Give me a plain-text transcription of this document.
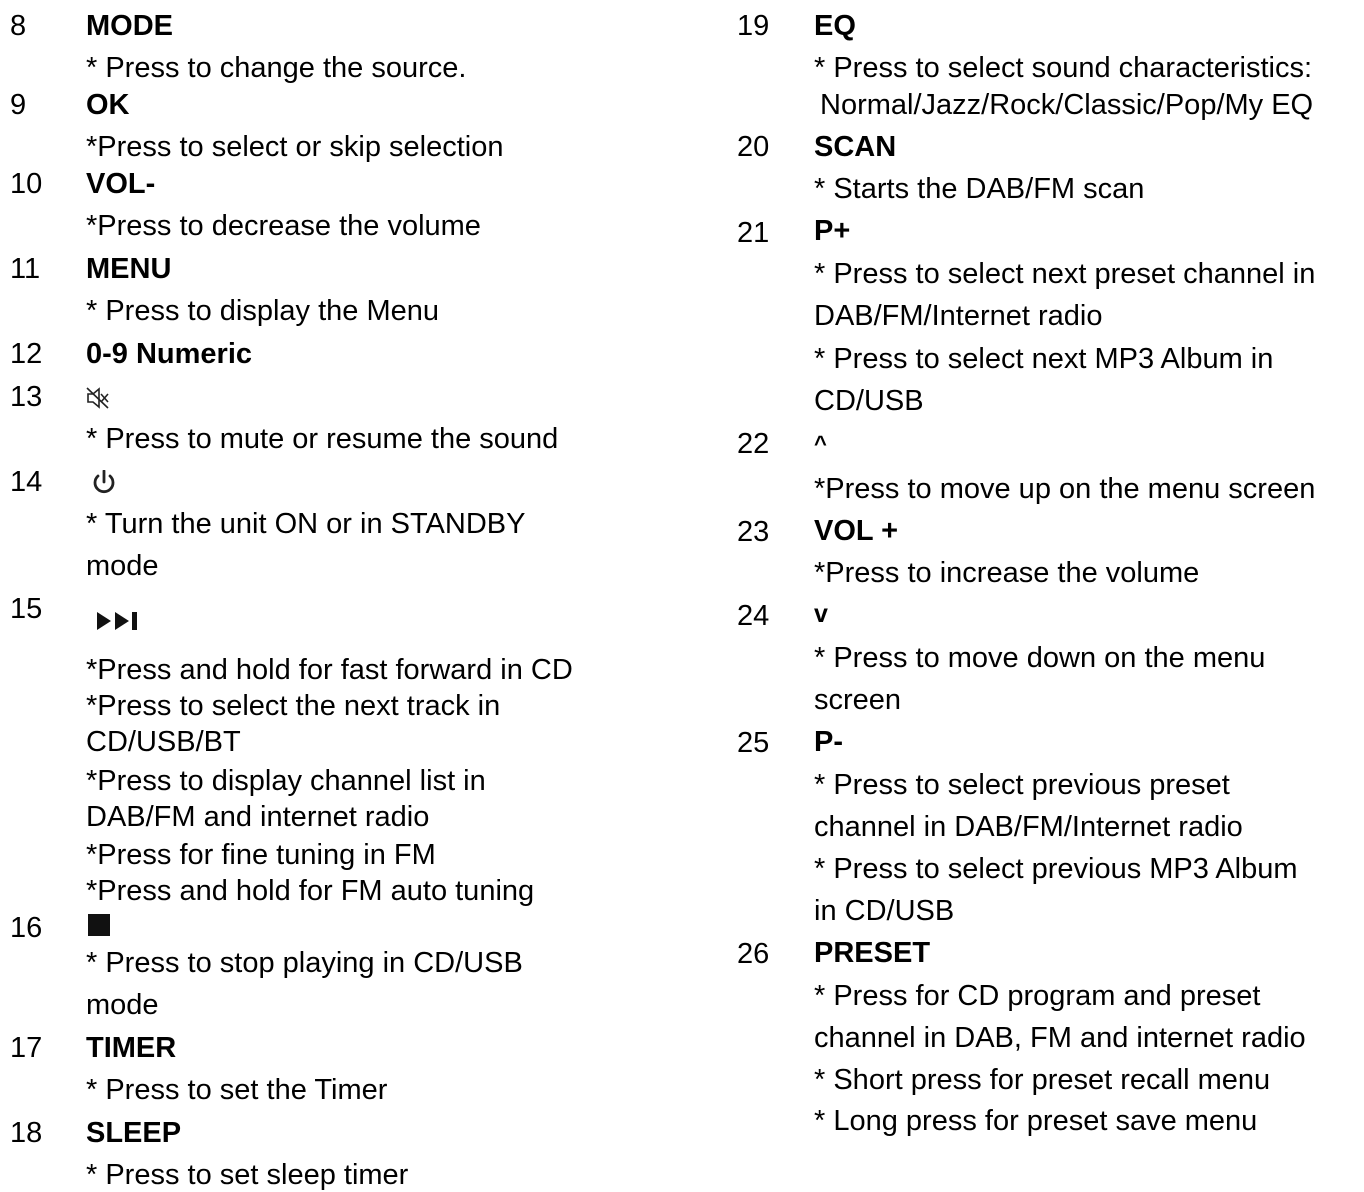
8 MODE
* Press to change the source.
9 OK
*Press to select or skip selection
10 VOL-
*Press to decrease the volume
11 MENU
* Press to display the Menu
12 0-9 Numeric
13
* Press to mute or resume the sound
14
* Turn the unit ON or in STANDBY
mode
15
*Press and hold for fast forward in CD
*Press to select the next track in
CD/USB/BT
*Press to display channel list in
DAB/FM and internet radio
*Press for fine tuning in FM
*Press and hold for FM auto tuning
16
* Press to stop playing in CD/USB
mode
17 TIMER
* Press to set the Timer
18 SLEEP
* Press to set sleep timer
19 EQ
* Press to select sound characteristics:
Normal/Jazz/Rock/Classic/Pop/My EQ
20 SCAN
* Starts the DAB/FM scan
21 P+
* Press to select next preset channel in
DAB/FM/Internet radio
* Press to select next MP3 Album in
CD/USB
22 ^
*Press to move up on the menu screen
23 VOL +
*Press to increase the volume
24 v
* Press to move down on the menu
screen
25 P-
* Press to select previous preset
channel in DAB/FM/Internet radio
* Press to select previous MP3 Album
in CD/USB
26 PRESET
* Press for CD program and preset
channel in DAB, FM and internet radio
* Short press for preset recall menu
* Long press for preset save menu
